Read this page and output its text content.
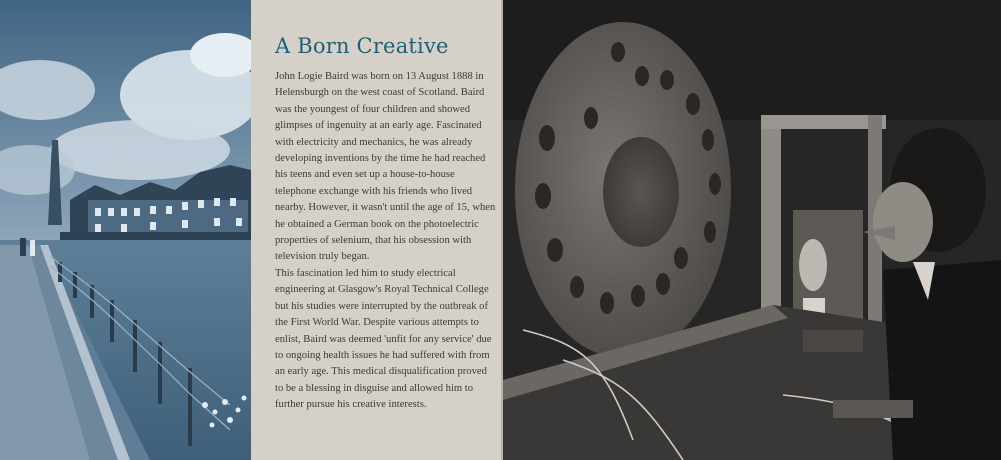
A Born Creative

John Logie Baird was born on 13 August 1888 in Helensburgh on the west coast of Scotland. Baird was the youngest of four children and showed glimpses of ingenuity at an early age. Fascinated with electricity and mechanics, he was already developing inventions by the time he had reached his teens and even set up a house-to-house telephone exchange with his friends who lived nearby. However, it wasn't until the age of 15, when he obtained a German book on the photoelectric properties of selenium, that his obsession with television truly began.

This fascination led him to study electrical engineering at Glasgow's Royal Technical College but his studies were interrupted by the outbreak of the First World War. Despite various attempts to enlist, Baird was deemed 'unfit for any service' due to ongoing health issues he had suffered with from an early age. This medical disqualification proved to be a blessing in disguise and allowed him to further pursue his creative interests.
